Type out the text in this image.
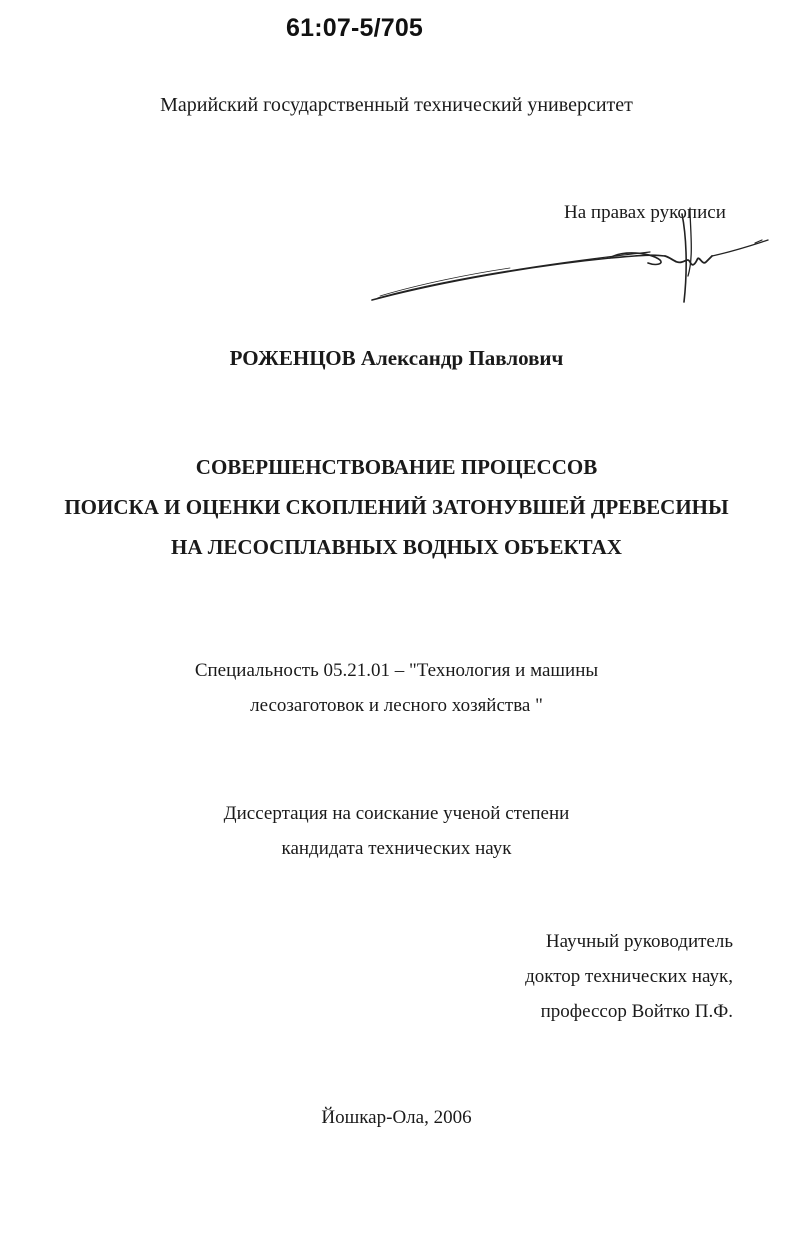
61:07-5/705
Марийский государственный технический университет
На правах рукописи
РОЖЕНЦОВ Александр Павлович
СОВЕРШЕНСТВОВАНИЕ ПРОЦЕССОВ
ПОИСКА И ОЦЕНКИ СКОПЛЕНИЙ ЗАТОНУВШЕЙ ДРЕВЕСИНЫ
НА ЛЕСОСПЛАВНЫХ ВОДНЫХ ОБЪЕКТАХ
Специальность 05.21.01 – "Технология и машины
лесозаготовок и лесного хозяйства "
Диссертация на соискание ученой степени
кандидата технических наук
Научный руководитель
доктор технических наук,
профессор Войтко П.Ф.
Йошкар-Ола, 2006
